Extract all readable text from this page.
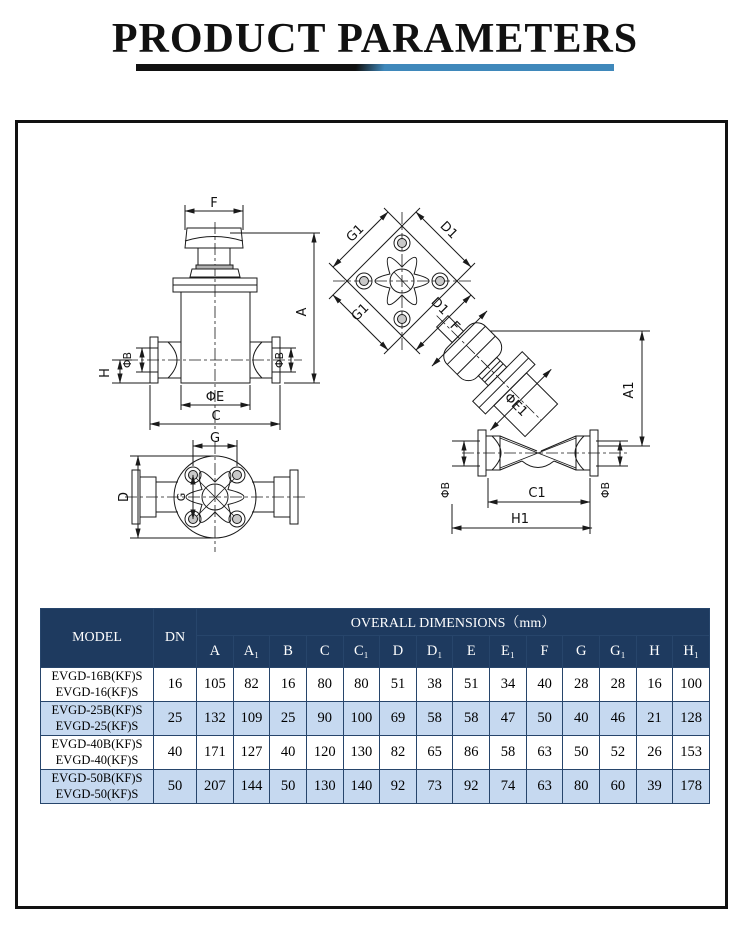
PRODUCT PARAMETERS
ΦE1
F
A
H
ΦB	ΦB
ΦE
C
G
G
D
G1	D1
G1	D1
F
A1
ΦB	ΦB
C1
H1
MODEL	DN	OVERALL DIMENSIONS（mm）													
		A	A₁	B	C	C₁	D	D₁	E	E₁	F	G	G₁	H	H₁

EVGD-16B(KF)S
EVGD-16(KF)S	16	105	82	16	80	80	51	38	51	34	40	28	28	16	100

EVGD-25B(KF)S
EVGD-25(KF)S	25	132	109	25	90	100	69	58	58	47	50	40	46	21	128

EVGD-40B(KF)S
EVGD-40(KF)S	40	171	127	40	120	130	82	65	86	58	63	50	52	26	153

EVGD-50B(KF)S
EVGD-50(KF)S	50	207	144	50	130	140	92	73	92	74	63	80	60	39	178
